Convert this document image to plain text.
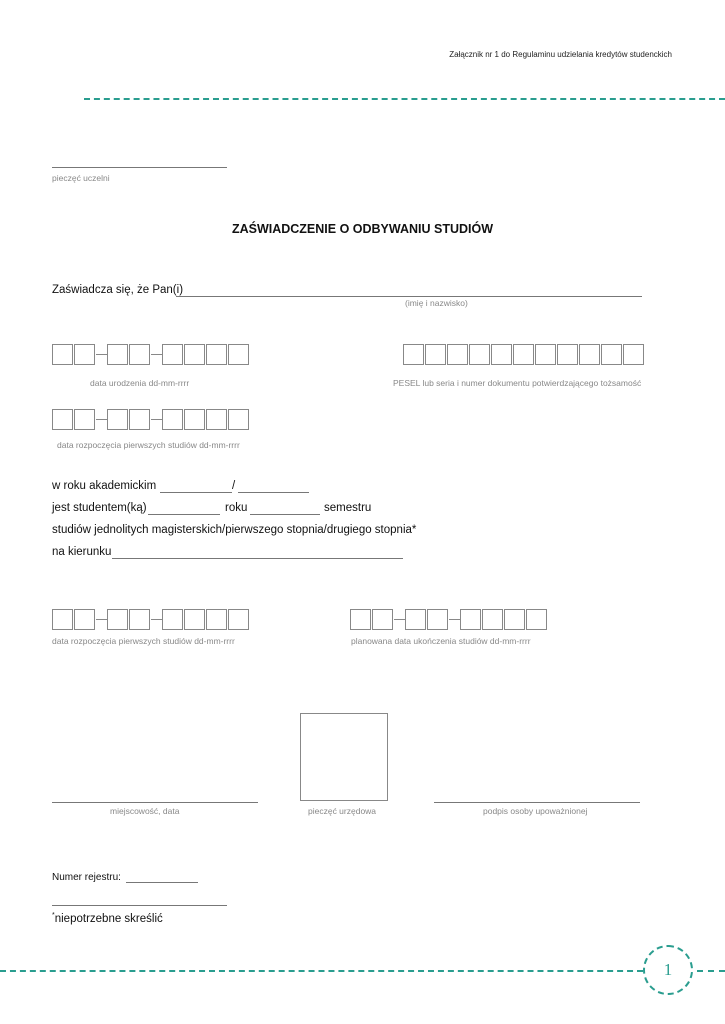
Załącznik nr 1 do Regulaminu udzielania kredytów studenckich
pieczęć uczelni
ZAŚWIADCZENIE O ODBYWANIU STUDIÓW
Zaświadcza się, że Pan(i)
(imię i nazwisko)
data urodzenia dd-mm-rrrr	PESEL lub seria i numer dokumentu potwierdzającego tożsamość
data rozpoczęcia pierwszych studiów dd-mm-rrrr
w roku akademickim	/
jest studentem(ką)	roku	semestru
studiów jednolitych magisterskich/pierwszego stopnia/drugiego stopnia*
na kierunku
data rozpoczęcia pierwszych studiów dd-mm-rrrr	planowana data ukończenia studiów dd-mm-rrrr
miejscowość, data	pieczęć urzędowa	podpis osoby upoważnionej
Numer rejestru:
*niepotrzebne skreślić
1
